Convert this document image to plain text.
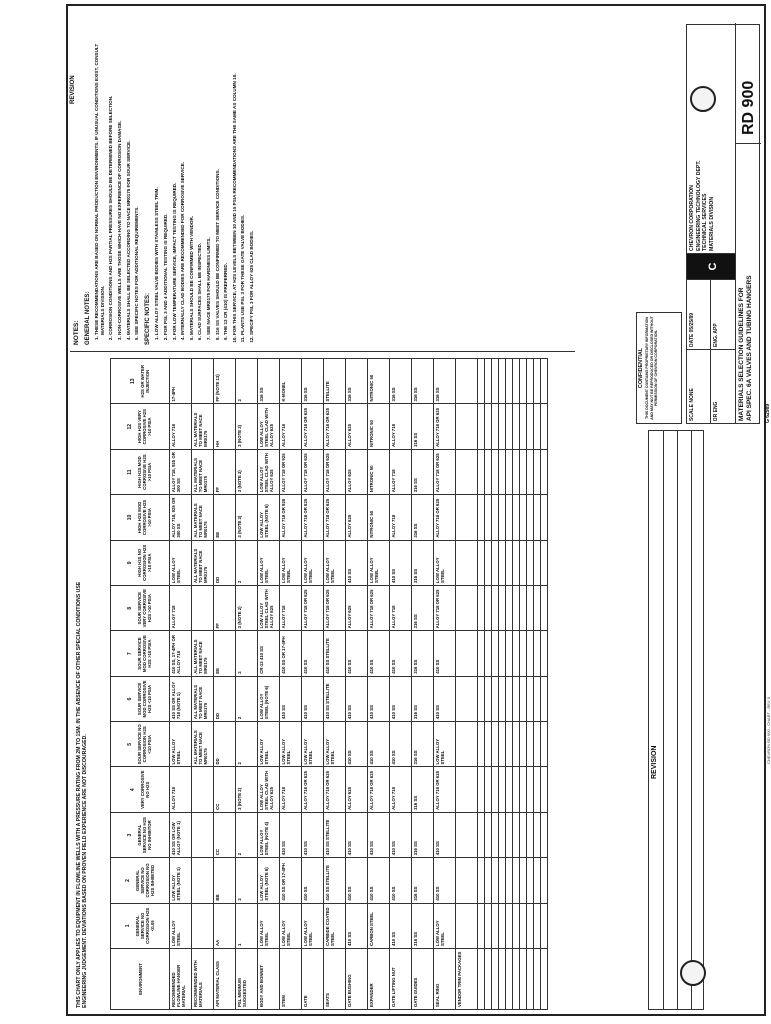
THIS CHART ONLY APPLIES TO EQUIPMENT IN FLOWLINE WELLS WITH A PRESSURE RATING FROM 2M TO 15M. IN THE ABSENCE OF OTHER SPECIAL CONDITIONS USE ENGINEERING JUDGEMENT. DEVIATIONS BASED ON PROVEN FIELD EXPERIENCE ARE NOT DISCOURAGED.	ENVIRONMENT	1 GENERAL SERVICE NO CORROSION H2S <0.05	2 GENERAL SERVICE NO CORROSION NO H2S INHIBITED	3 GENERAL SERVICE NO H2S NO INHIBITOR	4 VERY CORROSIVE NO H2S	5 SOUR SERVICE NO CORROSION H2S <10 PSIA	6 SOUR SERVICE MOD CORROSIVE H2S <10 PSIA	7 SOUR SERVICE MOD CORROSIVE H2S >10 PSIA	8 SOUR SERVICE VERY CORROSIVE H2S >10 PSIA	9 HIGH H2S NO CORROSION H2S >10 PSIA	10 HIGH H2S MOD CORROSIVE H2S >10 PSIA	11 HIGH H2S MOD CORROSIVE H2S >10 PSIA	12 HIGH H2S VERY CORROSIVE H2S >10 PSIA	13 H2S OR WATER INJECTION
RECOMMENDED FLOWLINE HANGER MATERIAL	LOW ALLOY STEEL	LOW ALLOY STEEL (NOTE 1)	410 SS OR LOW ALLOY (NOTE 1)	ALLOY 718	LOW ALLOY STEEL	410 SS OR ALLOY 718 (NOTE 1)	410 SS, 17-4PH OR ALLOY 718	ALLOY 718	LOW ALLOY STEEL	ALLOY 718, 925 OR 300 SS	ALLOY 718, 925 OR 300 SS	ALLOY 718	17-4PH
RECOMMENDED WITH MATERIALS					ALL MATERIALS TO MEET NACE MR0175	ALL MATERIALS TO MEET NACE MR0175	ALL MATERIALS TO MEET NACE MR0175		ALL MATERIALS TO MEET NACE MR0175	ALL MATERIALS TO MEET NACE MR0175	ALL MATERIALS TO MEET NACE MR0175	ALL MATERIALS TO MEET NACE MR0175	
API MATERIAL CLASS	AA	BB	CC	CC	DD	DD	EE	FF	DD	EE	FF	HH	FF (NOTE 13)
PSL MINIMUM SUGGESTED	1	2	2	3 (NOTE 2)	2	2	2	3 (NOTE 2)	2	3 (NOTE 3)	3 (NOTE 3)	3 (NOTE 3)	2
BODY AND BONNET	LOW ALLOY STEEL	LOW ALLOY STEEL (NOTE 6)	LOW ALLOY STEEL (NOTE 4)	LOW ALLOY STEEL CLAD WITH ALLOY 625	LOW ALLOY STEEL	LOW ALLOY STEEL (NOTE 6)	CR-13 410 SS	LOW ALLOY STEEL CLAD WITH ALLOY 625	LOW ALLOY STEEL	LOW ALLOY STEEL (NOTE 6)	LOW ALLOY STEEL CLAD WITH ALLOY 625	LOW ALLOY STEEL CLAD WITH ALLOY 625	316 SS
STEM	LOW ALLOY STEEL	410 SS OR 17-4PH	410 SS	ALLOY 718	LOW ALLOY STEEL	410 SS	410 SS OR 17-4PH	ALLOY 718	LOW ALLOY STEEL	ALLOY 718 OR 925	ALLOY 718 OR 925	ALLOY 718	K-MONEL
GATE	LOW ALLOY STEEL	410 SS	410 SS	ALLOY 718 OR 625	LOW ALLOY STEEL	410 SS	410 SS	ALLOY 718 OR 625	LOW ALLOY STEEL	ALLOY 718 OR 625	ALLOY 718 OR 625	ALLOY 718 OR 625	316 SS
SEATS	CARBIDE COATED STEEL	410 SS STELLITE	410 SS STELLITE	ALLOY 718 OR 625	LOW ALLOY STEEL	410 SS STELLITE	410 SS STELLITE	ALLOY 718 OR 625	LOW ALLOY STEEL	ALLOY 718 OR 625	ALLOY 718 OR 625	ALLOY 718 OR 625	STELLITE
GATE BUSHING	410 SS	410 SS	410 SS	ALLOY 625	410 SS	410 SS	410 SS	ALLOY 625	410 SS	ALLOY 625	ALLOY 625	ALLOY 625	316 SS
EXPANDER	CARBON STEEL	410 SS	410 SS	ALLOY 718 OR 625	410 SS	410 SS	410 SS	ALLOY 718 OR 625	LOW ALLOY STEEL	NITRONIC 50	NITRONIC 50	NITRONIC 50	NITRONIC 50
GATE LIFTING NUT	410 SS	410 SS	410 SS	ALLOY 718	410 SS	410 SS	410 SS	ALLOY 718	410 SS	ALLOY 718	ALLOY 718	ALLOY 718	316 SS
GATE GUIDES	316 SS	316 SS	316 SS	316 SS	316 SS	316 SS	316 SS	316 SS	316 SS	316 SS	316 SS	316 SS	316 SS
SEAL RING	LOW ALLOY STEEL	410 SS	410 SS	ALLOY 718 OR 625	LOW ALLOY STEEL	410 SS	410 SS	ALLOY 718 OR 625	LOW ALLOY STEEL	ALLOY 718 OR 625	ALLOY 718 OR 625	ALLOY 718 OR 625	316 SS
VENDOR TRIM PACKAGES													

NOTES: GENERAL NOTES: 1. THESE RECOMMENDATIONS ARE BASED ON NORMAL PRODUCTION ENVIRONMENTS. IF UNUSUAL CONDITIONS EXIST, CONSULT MATERIALS DIVISION. 2. CORROSION CONDITIONS AND H2S PARTIAL PRESSURES SHOULD BE DETERMINED BEFORE SELECTION. 3. NON-CORROSIVE WELLS ARE THOSE WHICH HAVE NO EXPERIENCE OF CORROSION DAMAGE. 4. MATERIALS SHALL BE SELECTED ACCORDING TO NACE MR0175 FOR SOUR SERVICE. 5. SEE SPECIFIC NOTES FOR ADDITIONAL REQUIREMENTS. SPECIFIC NOTES: 1. LOW ALLOY STEEL VALVE BODIES WITH STAINLESS STEEL TRIM. 2. FOR PSL 3 AND 4 ADDITIONAL TESTING IS REQUIRED. 3. FOR LOW TEMPERATURE SERVICE, IMPACT TESTING IS REQUIRED. 4. INTERNALLY CLAD BODIES ARE RECOMMENDED FOR CORROSIVE SERVICE. 5. MATERIALS SHOULD BE CONFIRMED WITH VENDOR. 6. CLAD SURFACES SHALL BE INSPECTED. 7. SEE NACE MR0175 FOR HARDNESS LIMITS. 8. 316 SS VALVES SHOULD BE CONFIRMED TO MEET SERVICE CONDITIONS. 9. THE 13 CR (410) IS PREFERRED. 10. FOR THIS SERVICE, AT H2S LEVELS BETWEEN 10 AND 15 PSIA RECOMMENDATIONS ARE THE SAME AS COLUMN 10. 11. PLANTS USE PSL 3 FOR THESE GATE VALVE BODIES. 12. SPECIFY PSL 3 FOR ALLOY 625 CLAD BODIES.
REVISION
CONFIDENTIAL THIS DOCUMENT CONTAINS PROPRIETARY INFORMATION AND MAY NOT BE REPRODUCED OR DISCLOSED WITHOUT PERMISSION OF CHEVRON CORPORATION.	SCALE NONE
DATE 05/25/89
DR ENG
ENG. APP
C
CHEVRON CORPORATION ENGINEERING TECHNOLOGY DEPT. TECHNICAL SERVICES MATERIALS DIVISION
MATERIALS SELECTION GUIDELINES FOR API SPEC. 6A VALVES AND TUBING HANGERS
RD 900
G 62989
REVISION
CHEVRON RD 900 - CHART - REV 0
